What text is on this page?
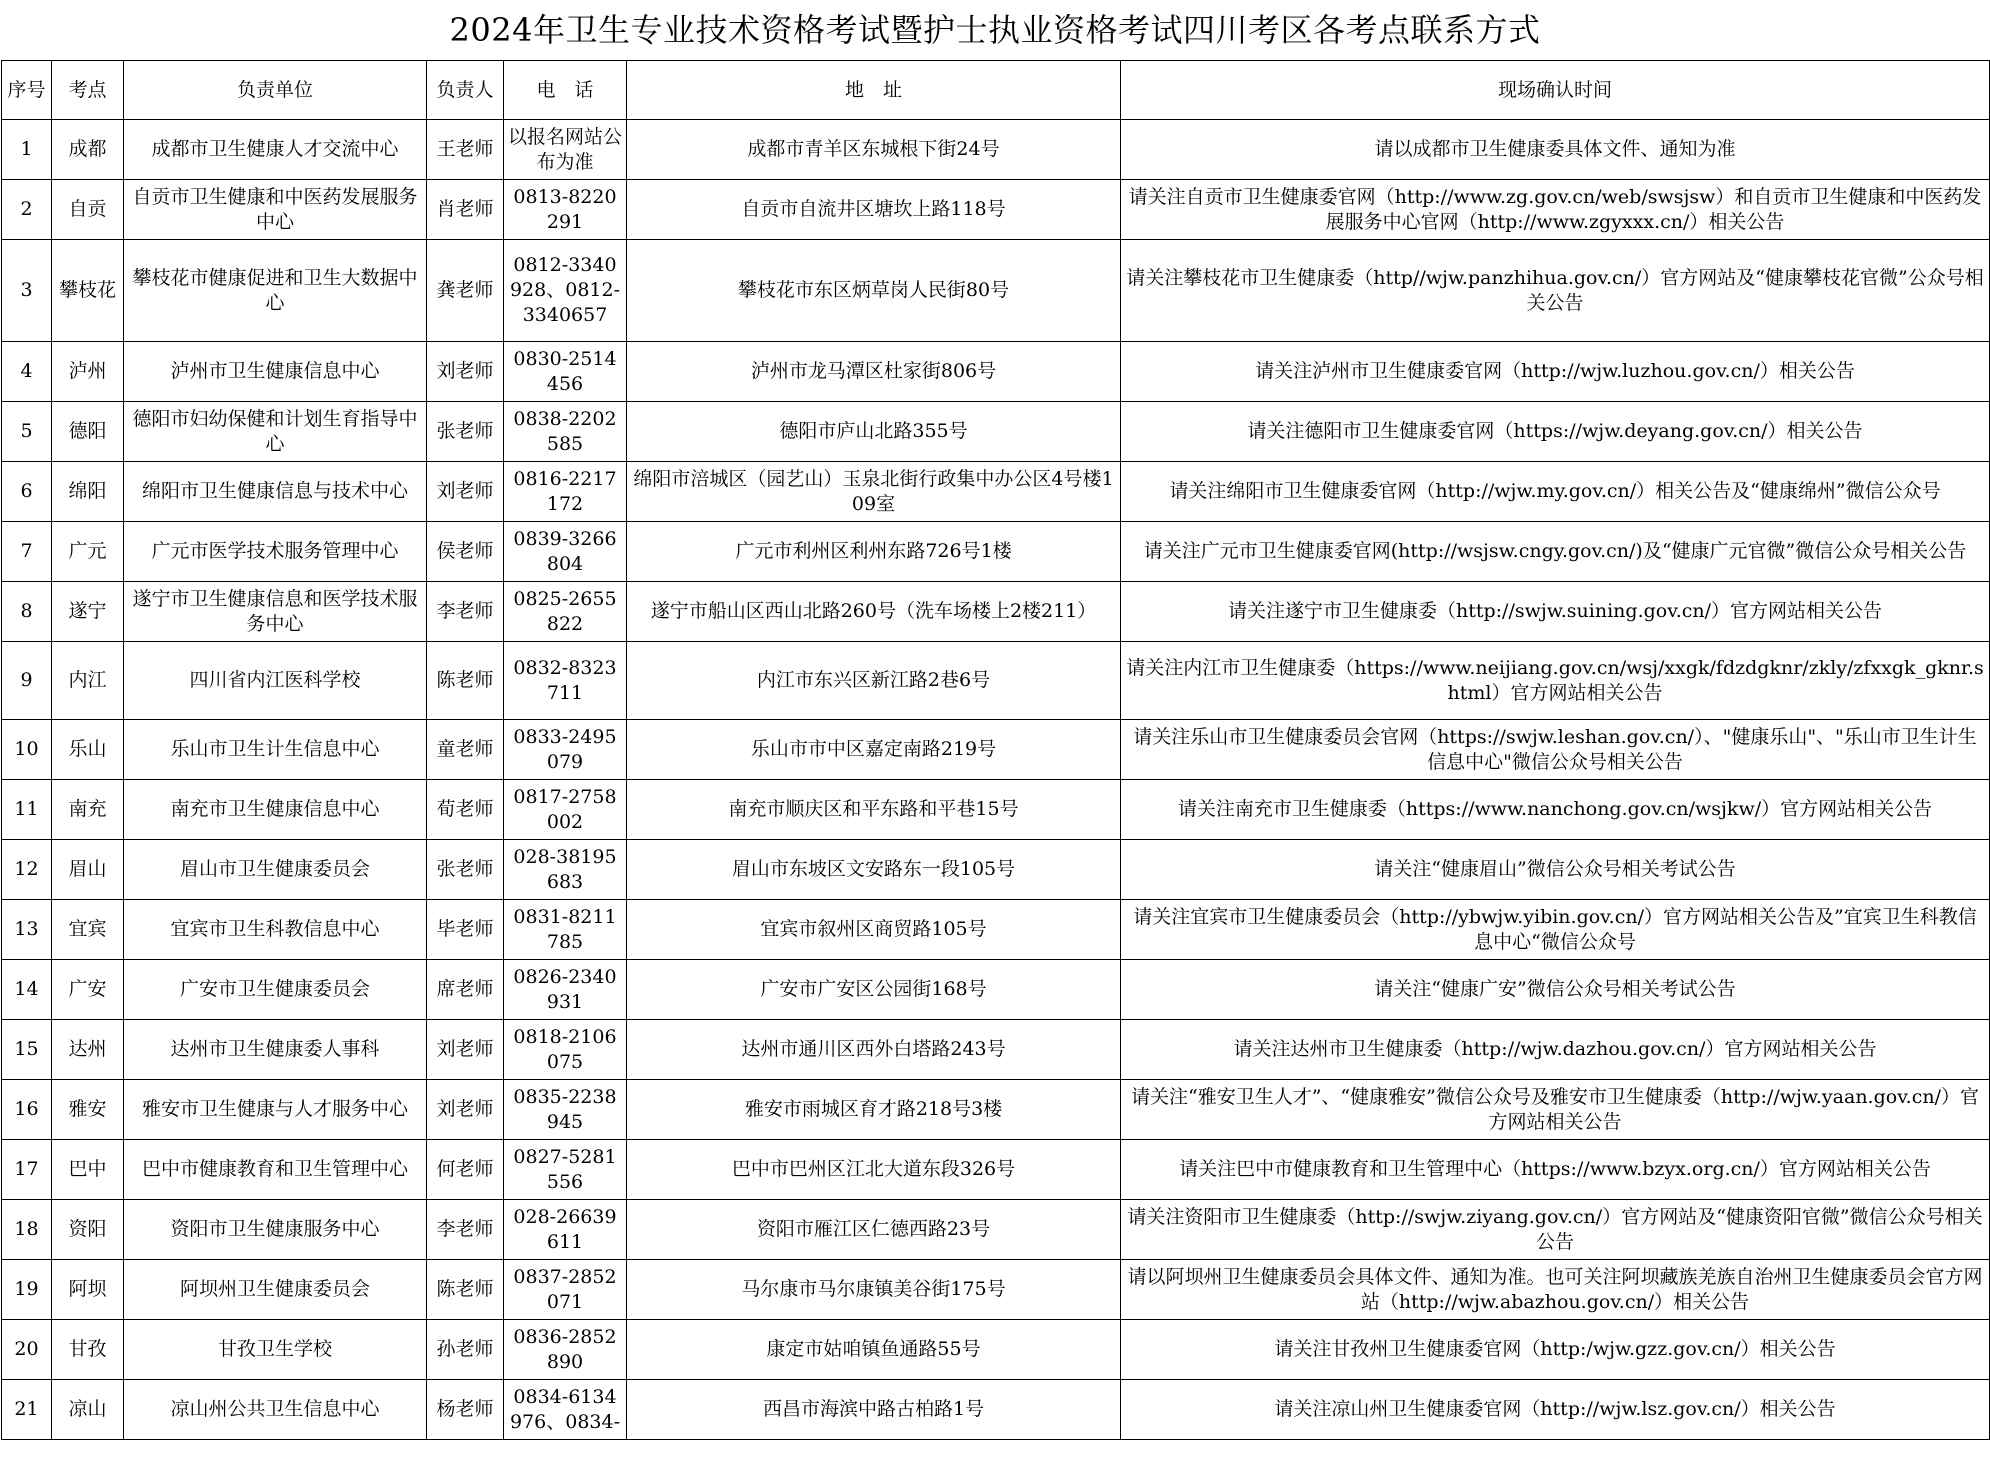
2024年卫生专业技术资格考试暨护士执业资格考试四川考区各考点联系方式
序号	考点	负责单位	负责人	电　话	地　址	现场确认时间
1	成都	成都市卫生健康人才交流中心	王老师	以报名网站公布为准	成都市青羊区东城根下街24号	请以成都市卫生健康委具体文件、通知为准
2	自贡	自贡市卫生健康和中医药发展服务中心	肖老师	0813-8220291	自贡市自流井区塘坎上路118号	请关注自贡市卫生健康委官网（http://www.zg.gov.cn/web/swsjsw）和自贡市卫生健康和中医药发展服务中心官网（http://www.zgyxxx.cn/）相关公告
3	攀枝花	攀枝花市健康促进和卫生大数据中心	龚老师	0812-3340928、0812-3340657	攀枝花市东区炳草岗人民街80号	请关注攀枝花市卫生健康委（http//wjw.panzhihua.gov.cn/）官方网站及“健康攀枝花官微”公众号相关公告
4	泸州	泸州市卫生健康信息中心	刘老师	0830-2514456	泸州市龙马潭区杜家街806号	请关注泸州市卫生健康委官网（http://wjw.luzhou.gov.cn/）相关公告
5	德阳	德阳市妇幼保健和计划生育指导中心	张老师	0838-2202585	德阳市庐山北路355号	请关注德阳市卫生健康委官网（https://wjw.deyang.gov.cn/）相关公告
6	绵阳	绵阳市卫生健康信息与技术中心	刘老师	0816-2217172	绵阳市涪城区（园艺山）玉泉北街行政集中办公区4号楼109室	请关注绵阳市卫生健康委官网（http://wjw.my.gov.cn/）相关公告及“健康绵州”微信公众号
7	广元	广元市医学技术服务管理中心	侯老师	0839-3266804	广元市利州区利州东路726号1楼	请关注广元市卫生健康委官网(http://wsjsw.cngy.gov.cn/)及“健康广元官微”微信公众号相关公告
8	遂宁	遂宁市卫生健康信息和医学技术服务中心	李老师	0825-2655822	遂宁市船山区西山北路260号（洗车场楼上2楼211）	请关注遂宁市卫生健康委（http://swjw.suining.gov.cn/）官方网站相关公告
9	内江	四川省内江医科学校	陈老师	0832-8323711	内江市东兴区新江路2巷6号	请关注内江市卫生健康委（https://www.neijiang.gov.cn/wsj/xxgk/fdzdgknr/zkly/zfxxgk_gknr.shtml）官方网站相关公告
10	乐山	乐山市卫生计生信息中心	童老师	0833-2495079	乐山市市中区嘉定南路219号	请关注乐山市卫生健康委员会官网（https://swjw.leshan.gov.cn/）、"健康乐山"、"乐山市卫生计生信息中心"微信公众号相关公告
11	南充	南充市卫生健康信息中心	荀老师	0817-2758002	南充市顺庆区和平东路和平巷15号	请关注南充市卫生健康委（https://www.nanchong.gov.cn/wsjkw/）官方网站相关公告
12	眉山	眉山市卫生健康委员会	张老师	028-38195683	眉山市东坡区文安路东一段105号	请关注“健康眉山”微信公众号相关考试公告
13	宜宾	宜宾市卫生科教信息中心	毕老师	0831-8211785	宜宾市叙州区商贸路105号	请关注宜宾市卫生健康委员会（http://ybwjw.yibin.gov.cn/）官方网站相关公告及”宜宾卫生科教信息中心“微信公众号
14	广安	广安市卫生健康委员会	席老师	0826-2340931	广安市广安区公园街168号	请关注“健康广安”微信公众号相关考试公告
15	达州	达州市卫生健康委人事科	刘老师	0818-2106075	达州市通川区西外白塔路243号	请关注达州市卫生健康委（http://wjw.dazhou.gov.cn/）官方网站相关公告
16	雅安	雅安市卫生健康与人才服务中心	刘老师	0835-2238945	雅安市雨城区育才路218号3楼	请关注“雅安卫生人才”、“健康雅安”微信公众号及雅安市卫生健康委（http://wjw.yaan.gov.cn/）官方网站相关公告
17	巴中	巴中市健康教育和卫生管理中心	何老师	0827-5281556	巴中市巴州区江北大道东段326号	请关注巴中市健康教育和卫生管理中心（https://www.bzyx.org.cn/）官方网站相关公告
18	资阳	资阳市卫生健康服务中心	李老师	028-26639611	资阳市雁江区仁德西路23号	请关注资阳市卫生健康委（http://swjw.ziyang.gov.cn/）官方网站及“健康资阳官微”微信公众号相关公告
19	阿坝	阿坝州卫生健康委员会	陈老师	0837-2852071	马尔康市马尔康镇美谷街175号	请以阿坝州卫生健康委员会具体文件、通知为准。也可关注阿坝藏族羌族自治州卫生健康委员会官方网站（http://wjw.abazhou.gov.cn/）相关公告
20	甘孜	甘孜卫生学校	孙老师	0836-2852890	康定市姑咱镇鱼通路55号	请关注甘孜州卫生健康委官网（http:/wjw.gzz.gov.cn/）相关公告
21	凉山	凉山州公共卫生信息中心	杨老师	0834-6134976、0834-	西昌市海滨中路古柏路1号	请关注凉山州卫生健康委官网（http://wjw.lsz.gov.cn/）相关公告
